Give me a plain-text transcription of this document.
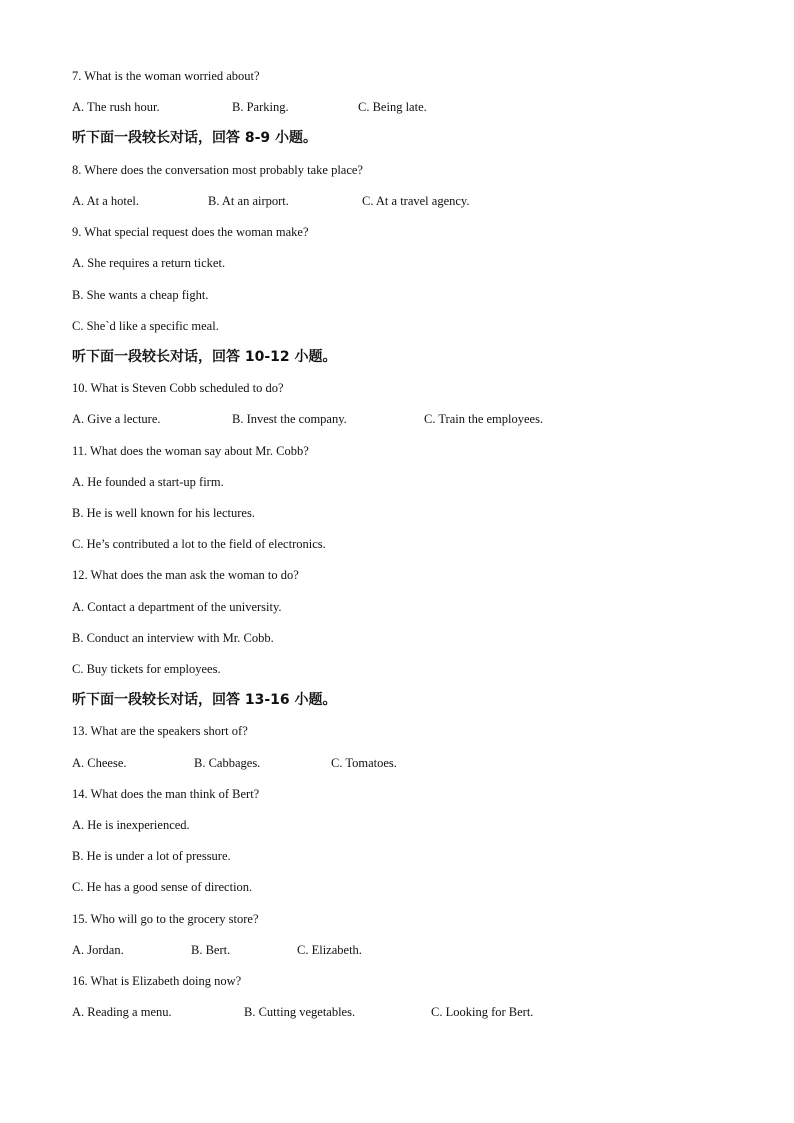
7. What is the woman worried about?
A. The rush hour.	B. Parking.	C. Being late.
听下面一段较长对话，回答 8-9 小题。
8. Where does the conversation most probably take place?
A. At a hotel.	B. At an airport.	C. At a travel agency.
9. What special request does the woman make?
A. She requires a return ticket.
B. She wants a cheap fight.
C. She`d like a specific meal.
听下面一段较长对话，回答 10-12 小题。
10. What is Steven Cobb scheduled to do?
A. Give a lecture.	B. Invest the company.	C. Train the employees.
11. What does the woman say about Mr. Cobb?
A. He founded a start-up firm.
B. He is well known for his lectures.
C. He’s contributed a lot to the field of electronics.
12. What does the man ask the woman to do?
A. Contact a department of the university.
B. Conduct an interview with Mr. Cobb.
C. Buy tickets for employees.
听下面一段较长对话，回答 13-16 小题。
13. What are the speakers short of?
A. Cheese.	B. Cabbages.	C. Tomatoes.
14. What does the man think of Bert?
A. He is inexperienced.
B. He is under a lot of pressure.
C. He has a good sense of direction.
15. Who will go to the grocery store?
A. Jordan.	B. Bert.	C. Elizabeth.
16. What is Elizabeth doing now?
A. Reading a menu.	B. Cutting vegetables.	C. Looking for Bert.
